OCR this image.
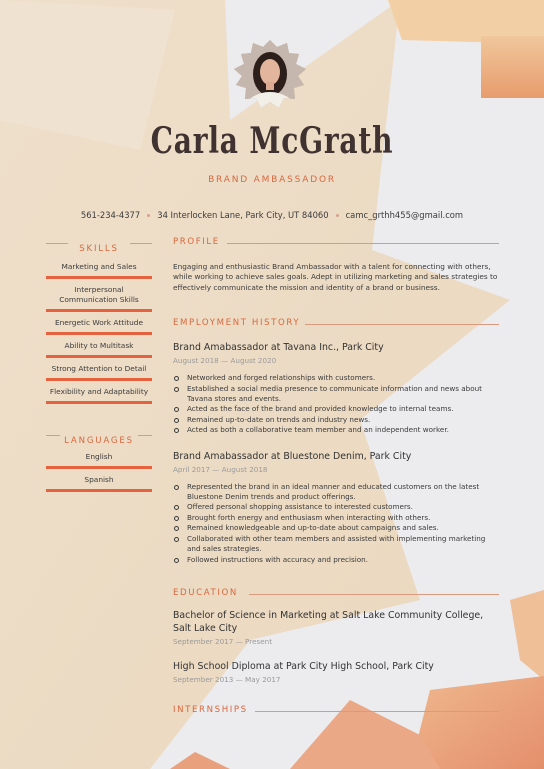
Carla McGrath
BRAND AMBASSADOR
561-234-4377 34 Interlocken Lane, Park City, UT 84060 camc_grthh455@gmail.com
SKILLS
Marketing and Sales
Interpersonal Communication Skills
Energetic Work Attitude
Ability to Multitask
Strong Attention to Detail
Flexibility and Adaptability
LANGUAGES
English
Spanish
PROFILE
Engaging and enthusiastic Brand Ambassador with a talent for connecting with others, while working to achieve sales goals. Adept in utilizing marketing and sales strategies to effectively communicate the mission and identity of a brand or business.
EMPLOYMENT HISTORY
Brand Amabassador at Tavana Inc., Park City
August 2018 — August 2020
Networked and forged relationships with customers.
Established a social media presence to communicate information and news about Tavana stores and events.
Acted as the face of the brand and provided knowledge to internal teams.
Remained up-to-date on trends and industry news.
Acted as both a collaborative team member and an independent worker.
Brand Amabassador at Bluestone Denim, Park City
April 2017 — August 2018
Represented the brand in an ideal manner and educated customers on the latest Bluestone Denim trends and product offerings.
Offered personal shopping assistance to interested customers.
Brought forth energy and enthusiasm when interacting with others.
Remained knowledgeable and up-to-date about campaigns and sales.
Collaborated with other team members and assisted with implementing marketing and sales strategies.
Followed instructions with accuracy and precision.
EDUCATION
Bachelor of Science in Marketing at Salt Lake Community College, Salt Lake City
September 2017 — Present
High School Diploma at Park City High School, Park City
September 2013 — May 2017
INTERNSHIPS
